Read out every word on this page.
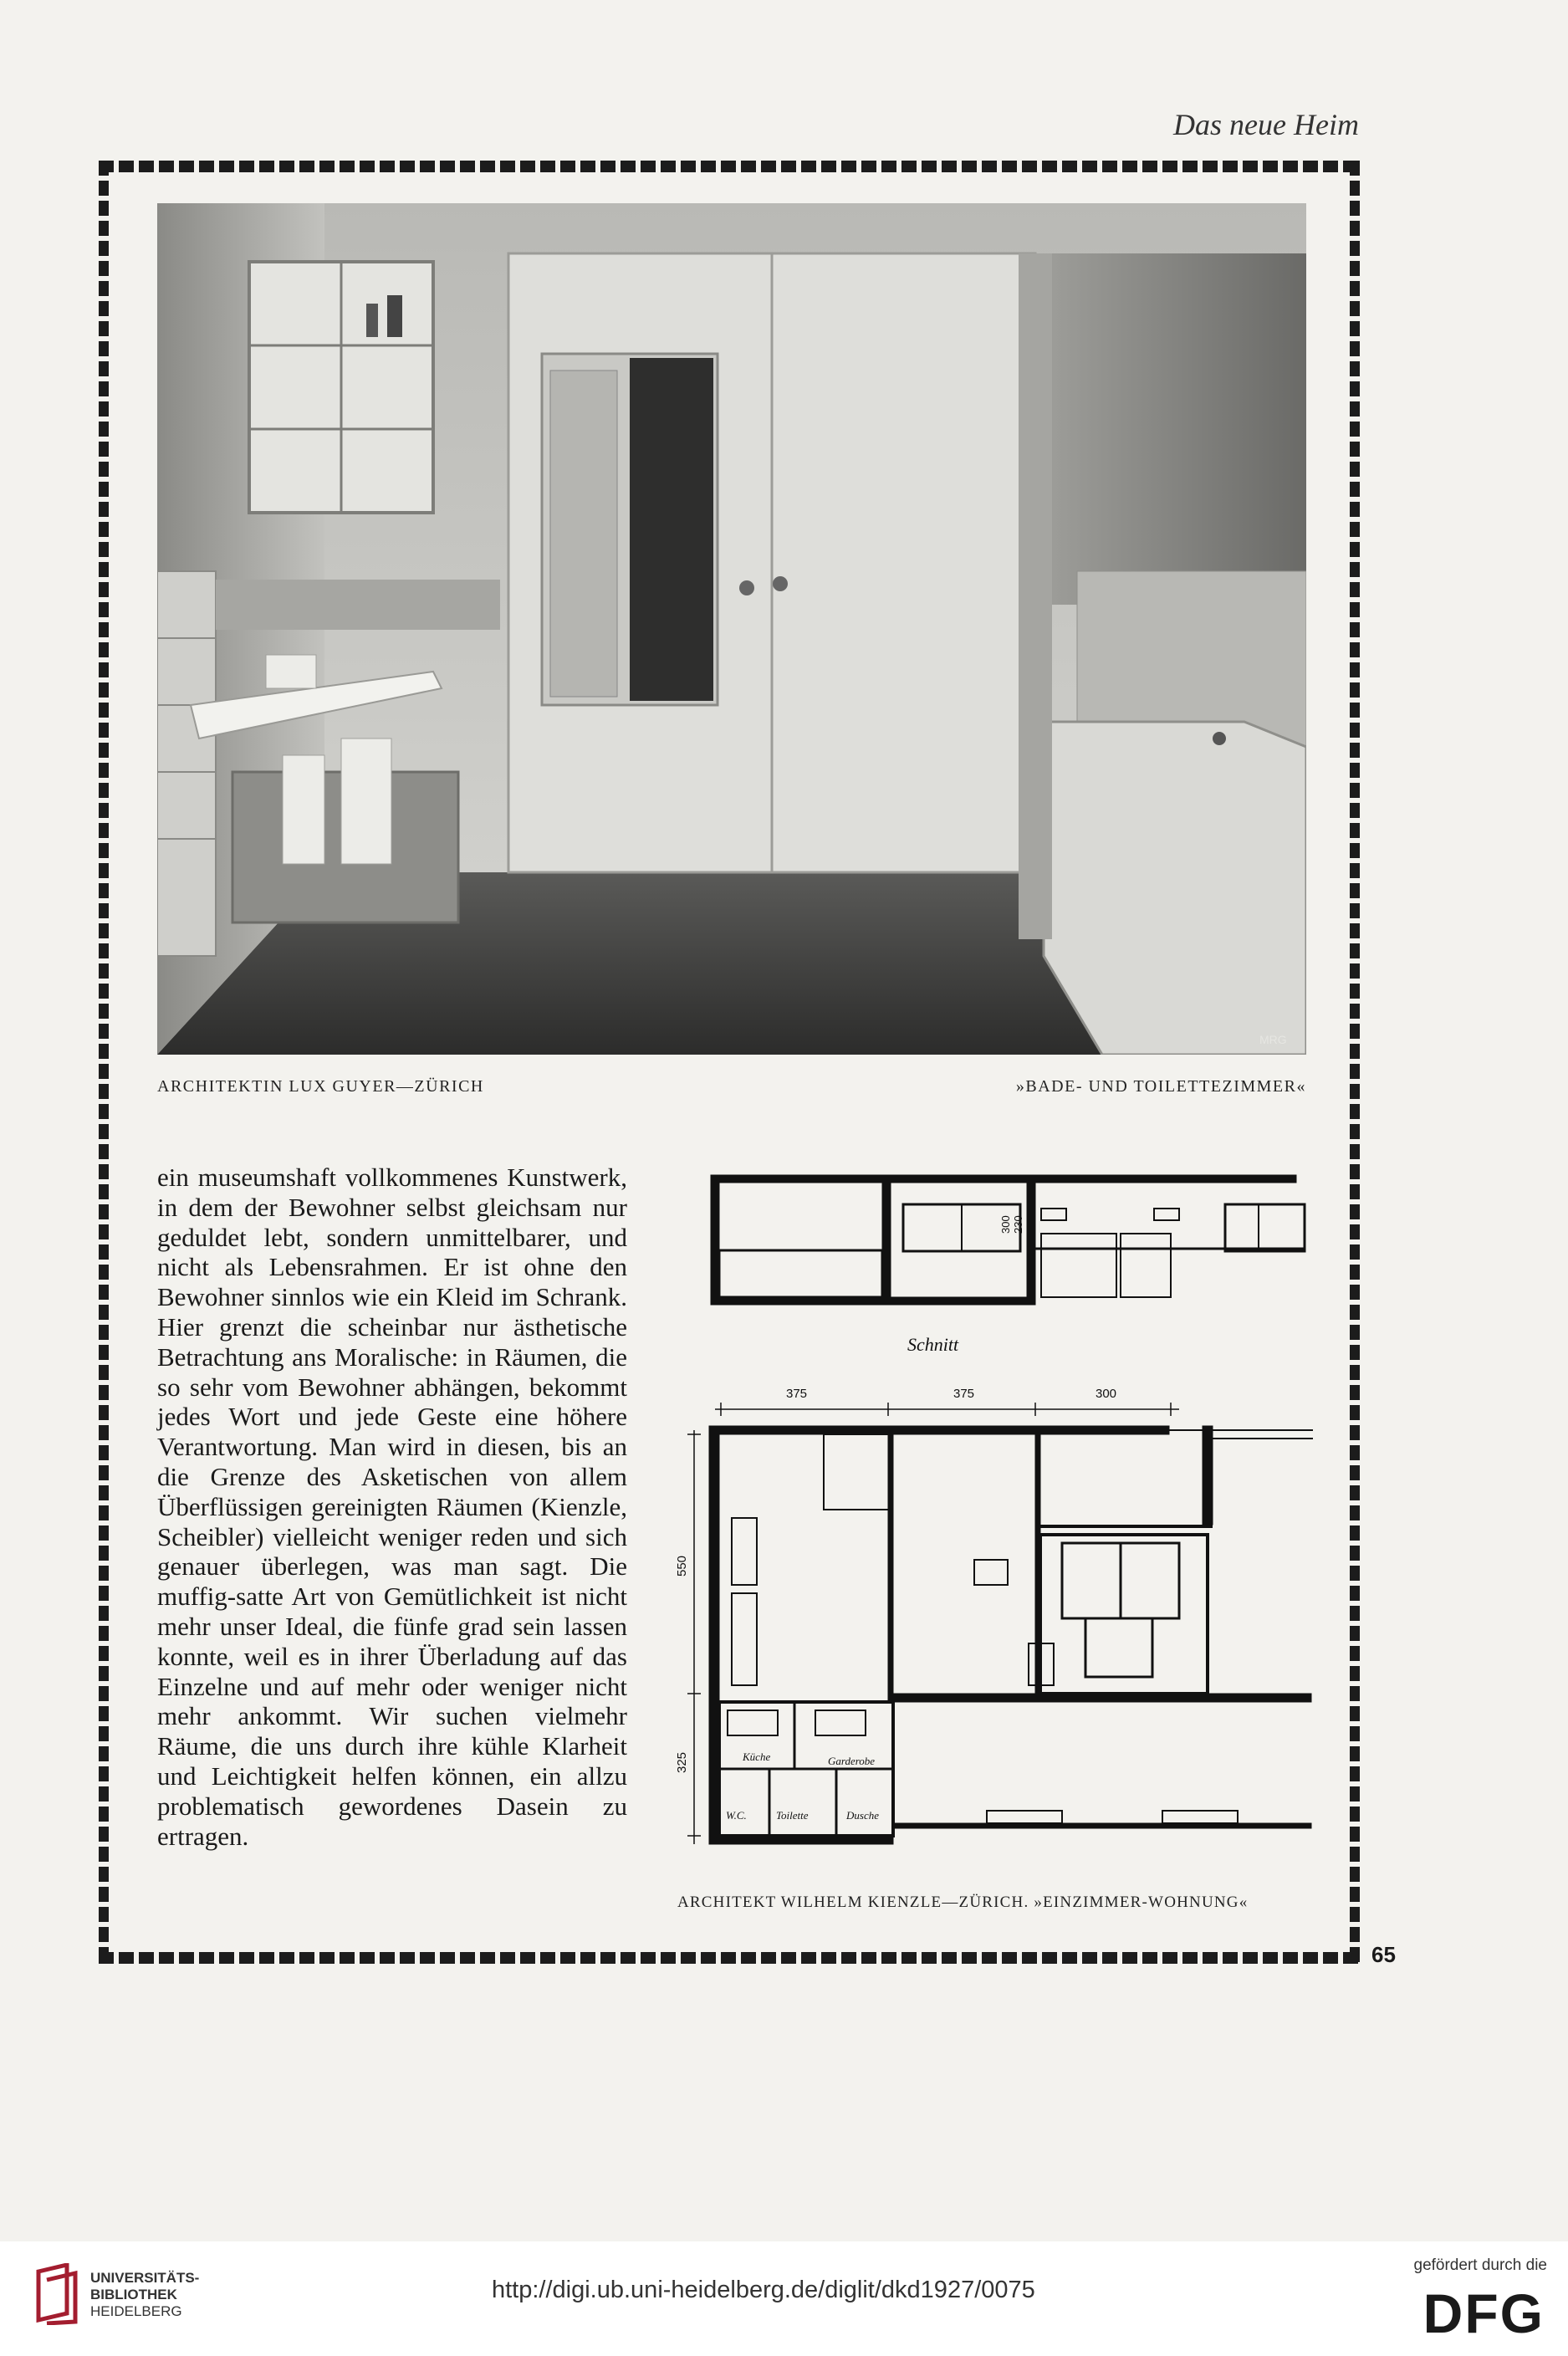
Das neue Heim
MRG
ARCHITEKTIN LUX GUYER—ZÜRICH	»BADE- UND TOILETTEZIMMER«

ein museumshaft vollkommenes Kunstwerk, in dem der Bewohner selbst gleichsam nur geduldet lebt, sondern unmittelbarer, und nicht als Lebensrahmen. Er ist ohne den Bewohner sinnlos wie ein Kleid im Schrank. Hier grenzt die scheinbar nur ästhetische Betrachtung ans Moralische: in Räumen, die so sehr vom Bewohner abhängen, bekommt jedes Wort und jede Geste eine höhere Verantwortung. Man wird in diesen, bis an die Grenze des Asketischen von allem Überflüssigen gereinigten Räumen (Kienzle, Scheibler) vielleicht weniger reden und sich genauer überlegen, was man sagt. Die muffig-satte Art von Gemütlichkeit ist nicht mehr unser Ideal, die fünfe grad sein lassen konnte, weil es in ihrer Überladung auf das Einzelne und auf mehr oder weniger nicht mehr ankommt. Wir suchen vielmehr Räume, die uns durch ihre kühle Klarheit und Leichtigkeit helfen können, ein allzu problematisch gewordenes Dasein zu ertragen.

300 230
Schnitt
375	375	300
550
325	Küche	Garderobe
W.C.	Toilette	Dusche
ARCHITEKT WILHELM KIENZLE—ZÜRICH. »EINZIMMER-WOHNUNG«
65
UNIVERSITÄTS-
BIBLIOTHEK
HEIDELBERG
http://digi.ub.uni-heidelberg.de/diglit/dkd1927/0075
gefördert durch die
DFG
